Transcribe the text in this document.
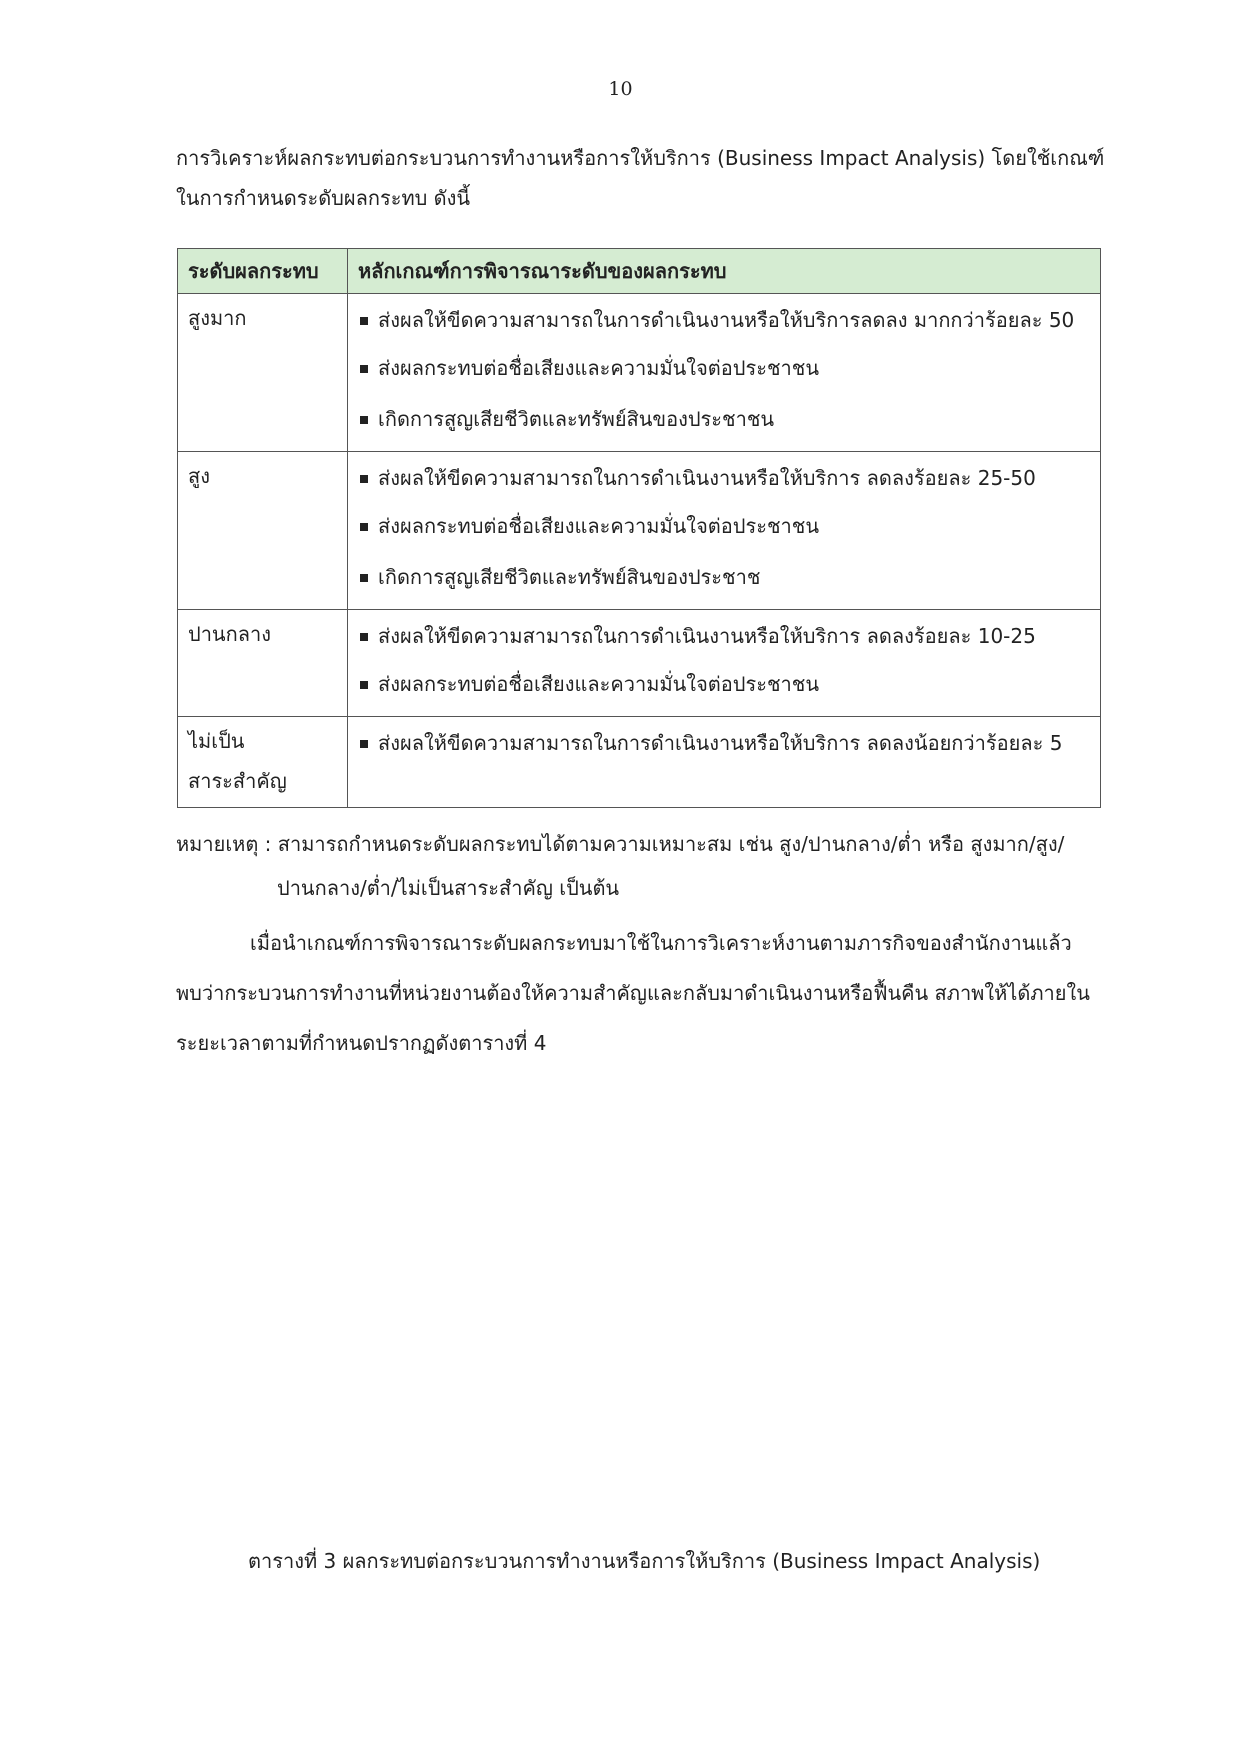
10

การวิเคราะห์ผลกระทบต่อกระบวนการทำงานหรือการให้บริการ (Business Impact Analysis) โดยใช้เกณฑ์

ในการกำหนดระดับผลกระทบ ดังนี้

ระดับผลกระทบ	หลักเกณฑ์การพิจารณาระดับของผลกระทบ
สูงมาก	ส่งผลให้ขีดความสามารถในการดำเนินงานหรือให้บริการลดลง มากกว่าร้อยละ 50
ส่งผลกระทบต่อชื่อเสียงและความมั่นใจต่อประชาชน
เกิดการสูญเสียชีวิตและทรัพย์สินของประชาชน

สูง	ส่งผลให้ขีดความสามารถในการดำเนินงานหรือให้บริการ ลดลงร้อยละ 25-50
ส่งผลกระทบต่อชื่อเสียงและความมั่นใจต่อประชาชน
เกิดการสูญเสียชีวิตและทรัพย์สินของประชาช

ปานกลาง	ส่งผลให้ขีดความสามารถในการดำเนินงานหรือให้บริการ ลดลงร้อยละ 10-25
ส่งผลกระทบต่อชื่อเสียงและความมั่นใจต่อประชาชน

ไม่เป็น
สาระสำคัญ	ส่งผลให้ขีดความสามารถในการดำเนินงานหรือให้บริการ ลดลงน้อยกว่าร้อยละ 5
หมายเหตุ : สามารถกำหนดระดับผลกระทบได้ตามความเหมาะสม เช่น สูง/ปานกลาง/ต่ำ หรือ สูงมาก/สูง/
ปานกลาง/ต่ำ/ไม่เป็นสาระสำคัญ เป็นต้น

เมื่อนำเกณฑ์การพิจารณาระดับผลกระทบมาใช้ในการวิเคราะห์งานตามภารกิจของสำนักงานแล้ว

พบว่ากระบวนการทำงานที่หน่วยงานต้องให้ความสำคัญและกลับมาดำเนินงานหรือฟื้นคืน สภาพให้ได้ภายใน

ระยะเวลาตามที่กำหนดปรากฏดังตารางที่ 4

ตารางที่ 3 ผลกระทบต่อกระบวนการทำงานหรือการให้บริการ (Business Impact Analysis)
